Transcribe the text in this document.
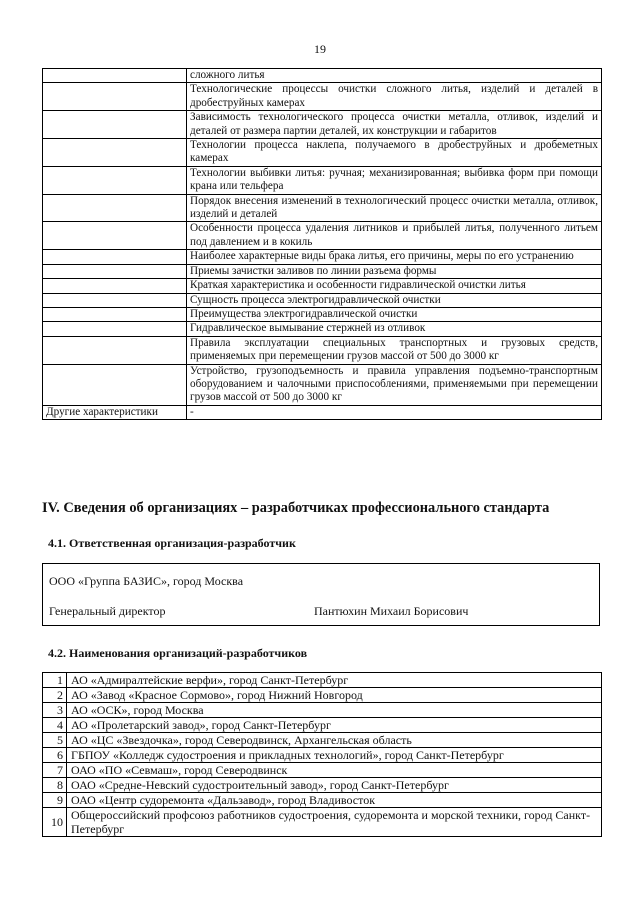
19
	сложного литья
	Технологические процессы очистки сложного литья, изделий и деталей в дробеструйных камерах
	Зависимость технологического процесса очистки металла, отливок, изделий и деталей от размера партии деталей, их конструкции и габаритов
	Технологии процесса наклепа, получаемого в дробеструйных и дробеметных камерах
	Технологии выбивки литья: ручная; механизированная; выбивка форм при помощи крана или тельфера
	Порядок внесения изменений в технологический процесс очистки металла, отливок, изделий и деталей
	Особенности процесса удаления литников и прибылей литья, полученного литьем под давлением и в кокиль
	Наиболее характерные виды брака литья, его причины, меры по его устранению
	Приемы зачистки заливов по линии разъема формы
	Краткая характеристика и особенности гидравлической очистки литья
	Сущность процесса электрогидравлической очистки
	Преимущества электрогидравлической очистки
	Гидравлическое вымывание стержней из отливок
	Правила эксплуатации специальных транспортных и грузовых средств, применяемых при перемещении грузов массой от 500 до 3000 кг
	Устройство, грузоподъемность и правила управления подъемно-транспортным оборудованием и чалочными приспособлениями, применяемыми при перемещении грузов массой от 500 до 3000 кг
Другие характеристики	-
IV. Сведения об организациях – разработчиках профессионального стандарта
4.1. Ответственная организация-разработчик
ООО «Группа БАЗИС», город Москва
Генеральный директор	Пантюхин Михаил Борисович
4.2. Наименования организаций-разработчиков
1	АО «Адмиралтейские верфи», город Санкт-Петербург
2	АО «Завод «Красное Сормово», город Нижний Новгород
3	АО «ОСК», город Москва
4	АО «Пролетарский завод», город Санкт-Петербург
5	АО «ЦС «Звездочка», город Северодвинск, Архангельская область
6	ГБПОУ «Колледж судостроения и прикладных технологий», город Санкт-Петербург
7	ОАО «ПО «Севмаш», город Северодвинск
8	ОАО «Средне-Невский судостроительный завод», город Санкт-Петербург
9	ОАО «Центр судоремонта «Дальзавод», город Владивосток
10	Общероссийский профсоюз работников судостроения, судоремонта и морской техники, город Санкт-Петербург
